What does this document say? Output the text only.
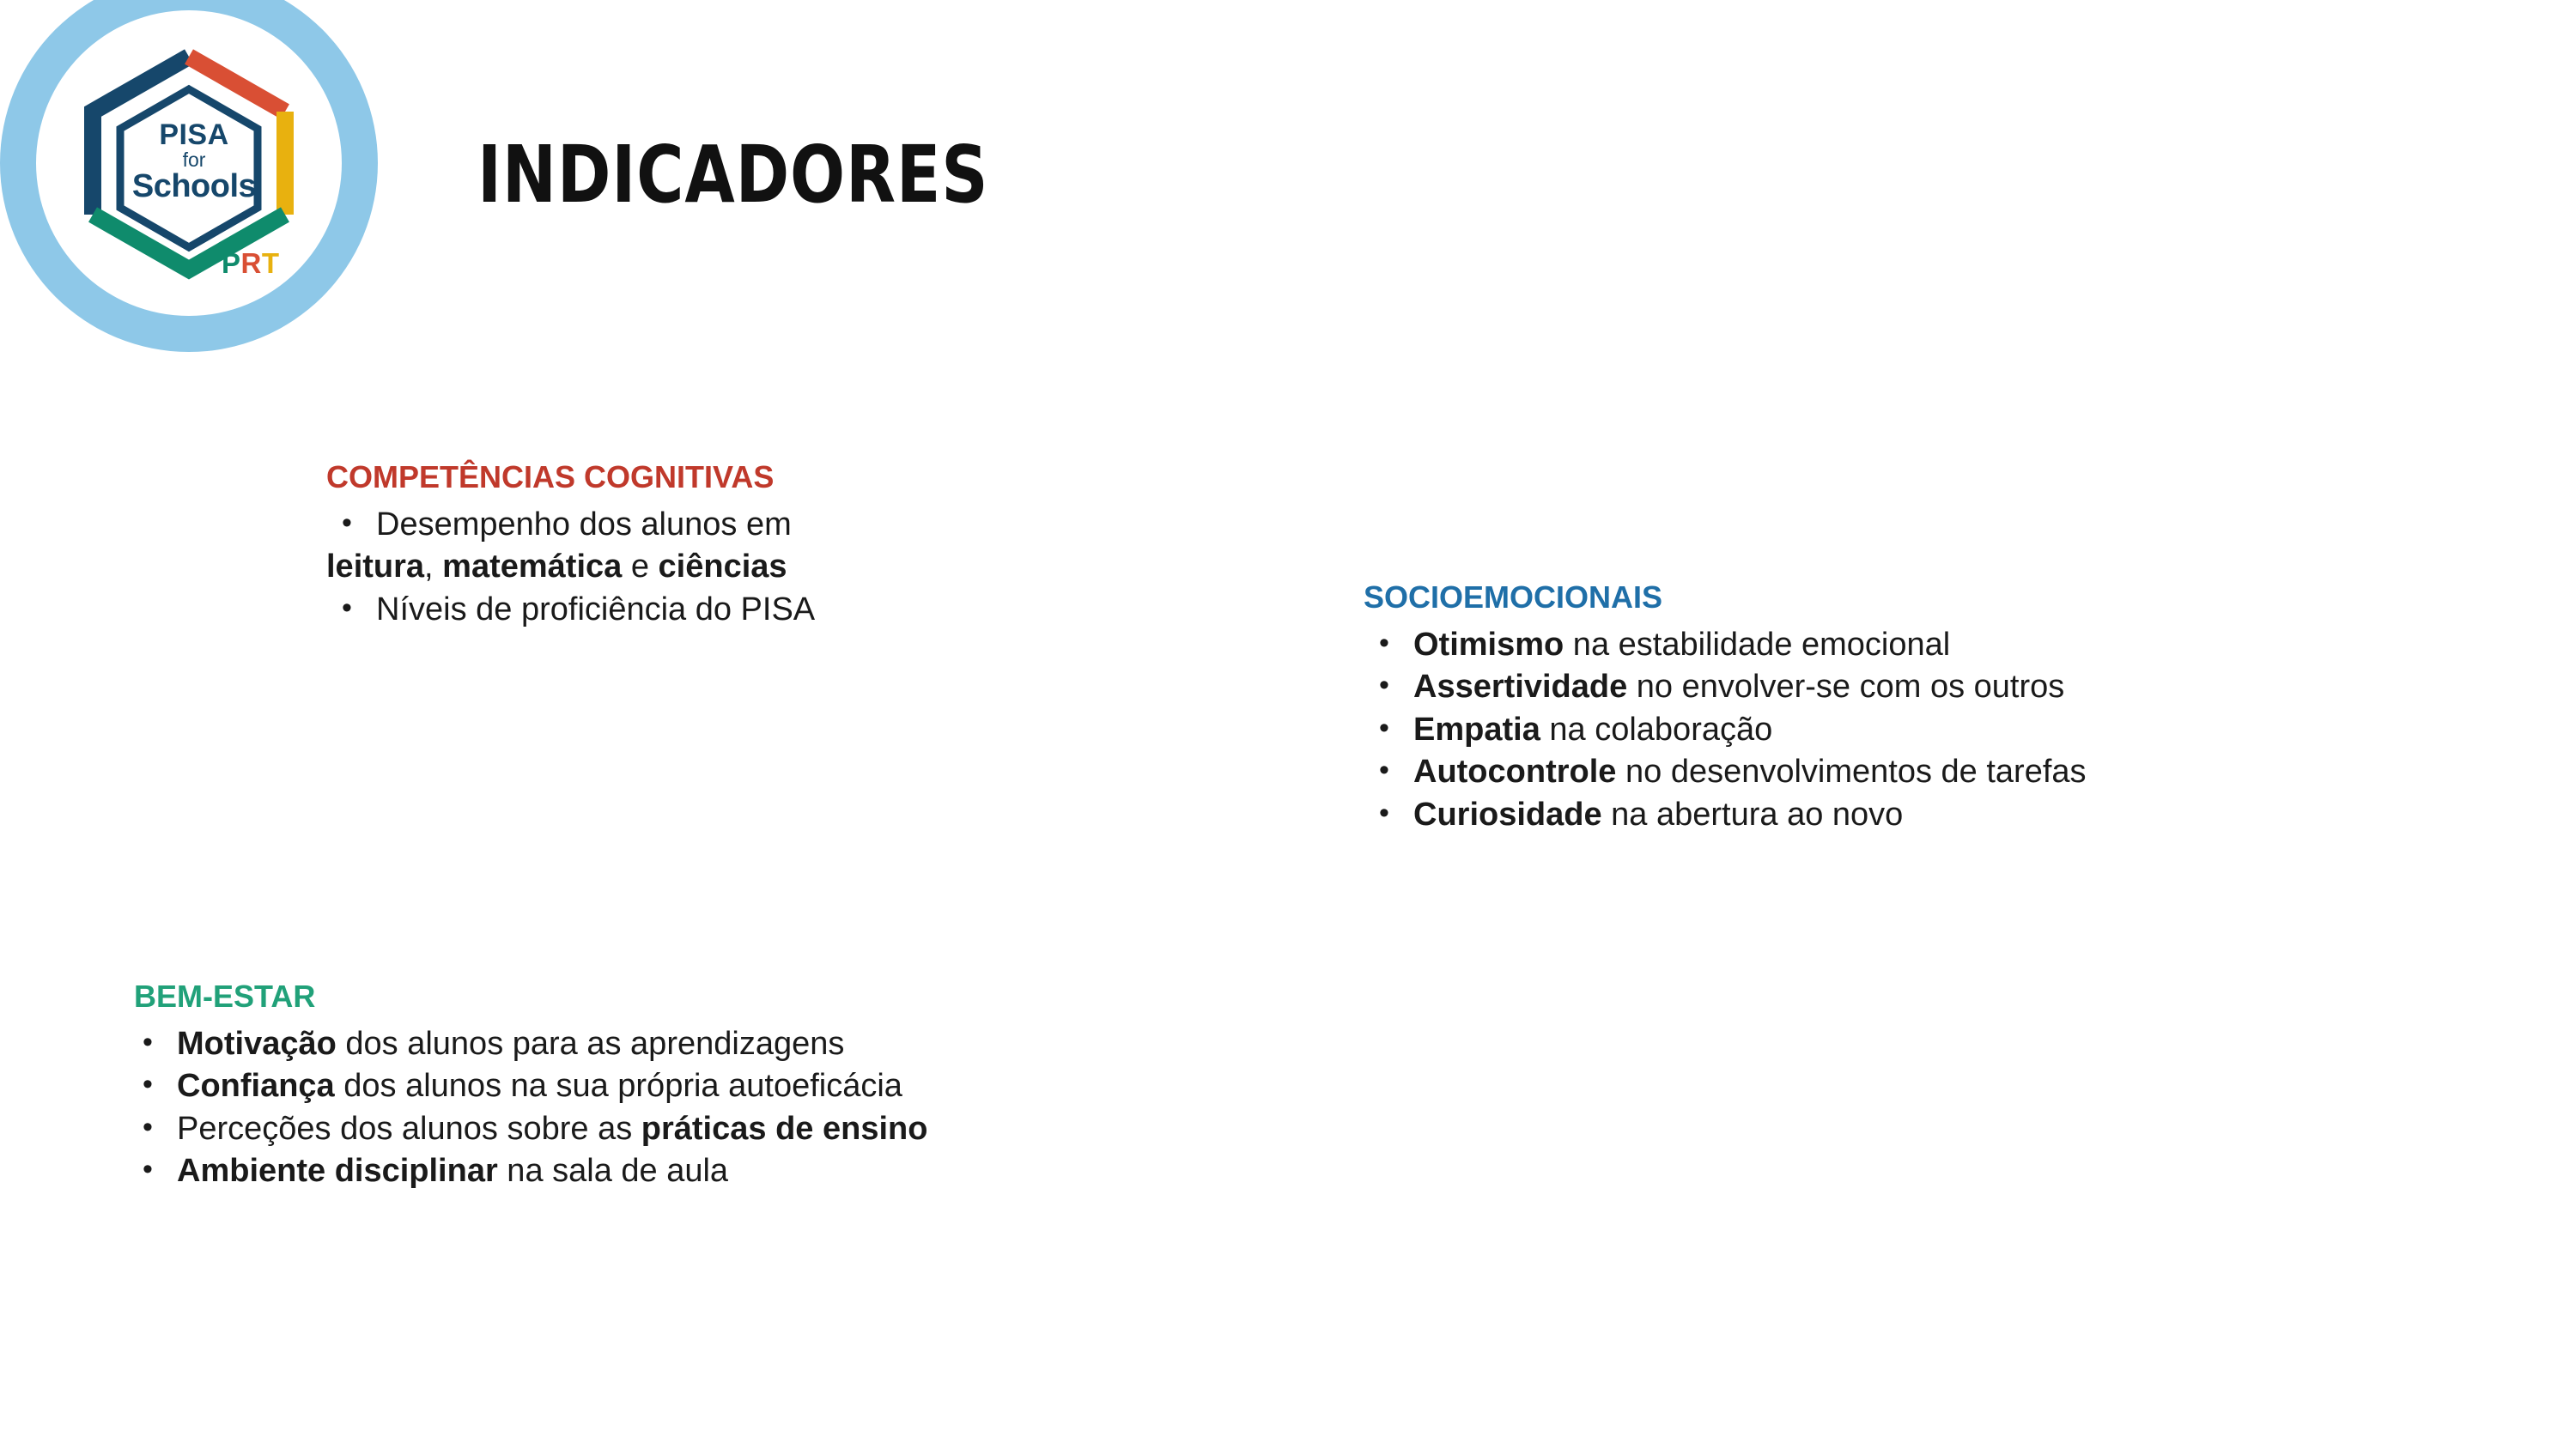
PISA
for
Schools
PRT
INDICADORES
COMPETÊNCIAS COGNITIVAS
• Desempenho dos alunos em
leitura, matemática e ciências
• Níveis de proficiência do PISA	SOCIOEMOCIONAIS
• Otimismo na estabilidade emocional
• Assertividade no envolver-se com os outros
• Empatia na colaboração
• Autocontrole no desenvolvimentos de tarefas
• Curiosidade na abertura ao novo
BEM-ESTAR
• Motivação dos alunos para as aprendizagens
• Confiança dos alunos na sua própria autoeficácia
• Perceções dos alunos sobre as práticas de ensino
• Ambiente disciplinar na sala de aula
